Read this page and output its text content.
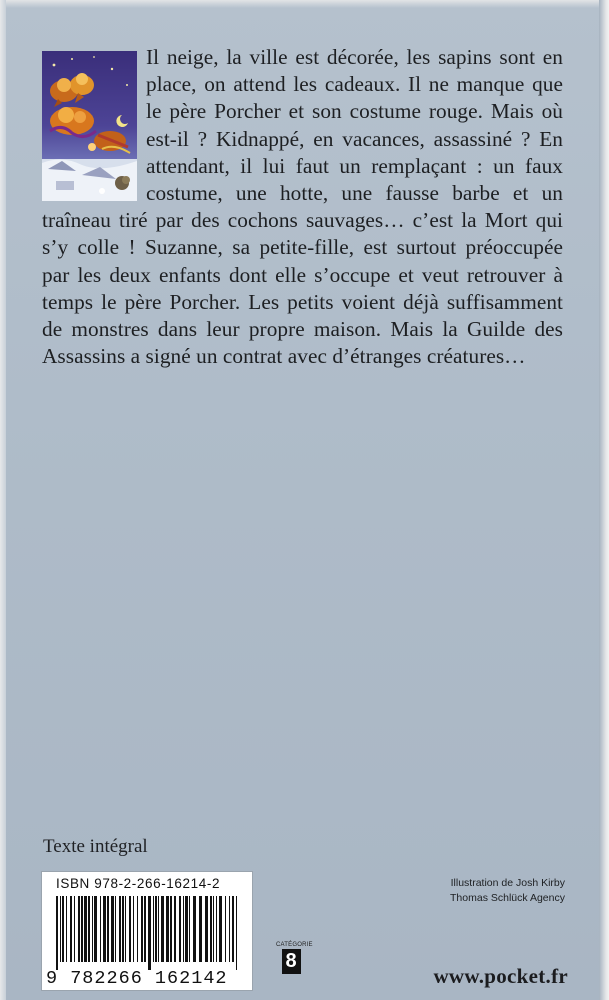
Il neige, la ville est décorée, les sapins sont en place, on attend les cadeaux. Il ne manque que le père Porcher et son costume rouge. Mais où est-il ? Kidnappé, en vacances, assassiné ? En attendant, il lui faut un remplaçant : un faux costume, une hotte, une fausse barbe et un traîneau tiré par des cochons sauvages… c’est la Mort qui s’y colle ! Suzanne, sa petite-fille, est surtout préoccupée par les deux enfants dont elle s’occupe et veut retrouver à temps le père Porcher. Les petits voient déjà suffisamment de monstres dans leur propre maison. Mais la Guilde des Assassins a signé un contrat avec d’étranges créatures…

Texte intégral
ISBN 978-2-266-16214-2
9 782266 162142
CATÉGORIE
8
Illustration de Josh Kirby
Thomas Schlück Agency
www.pocket.fr
